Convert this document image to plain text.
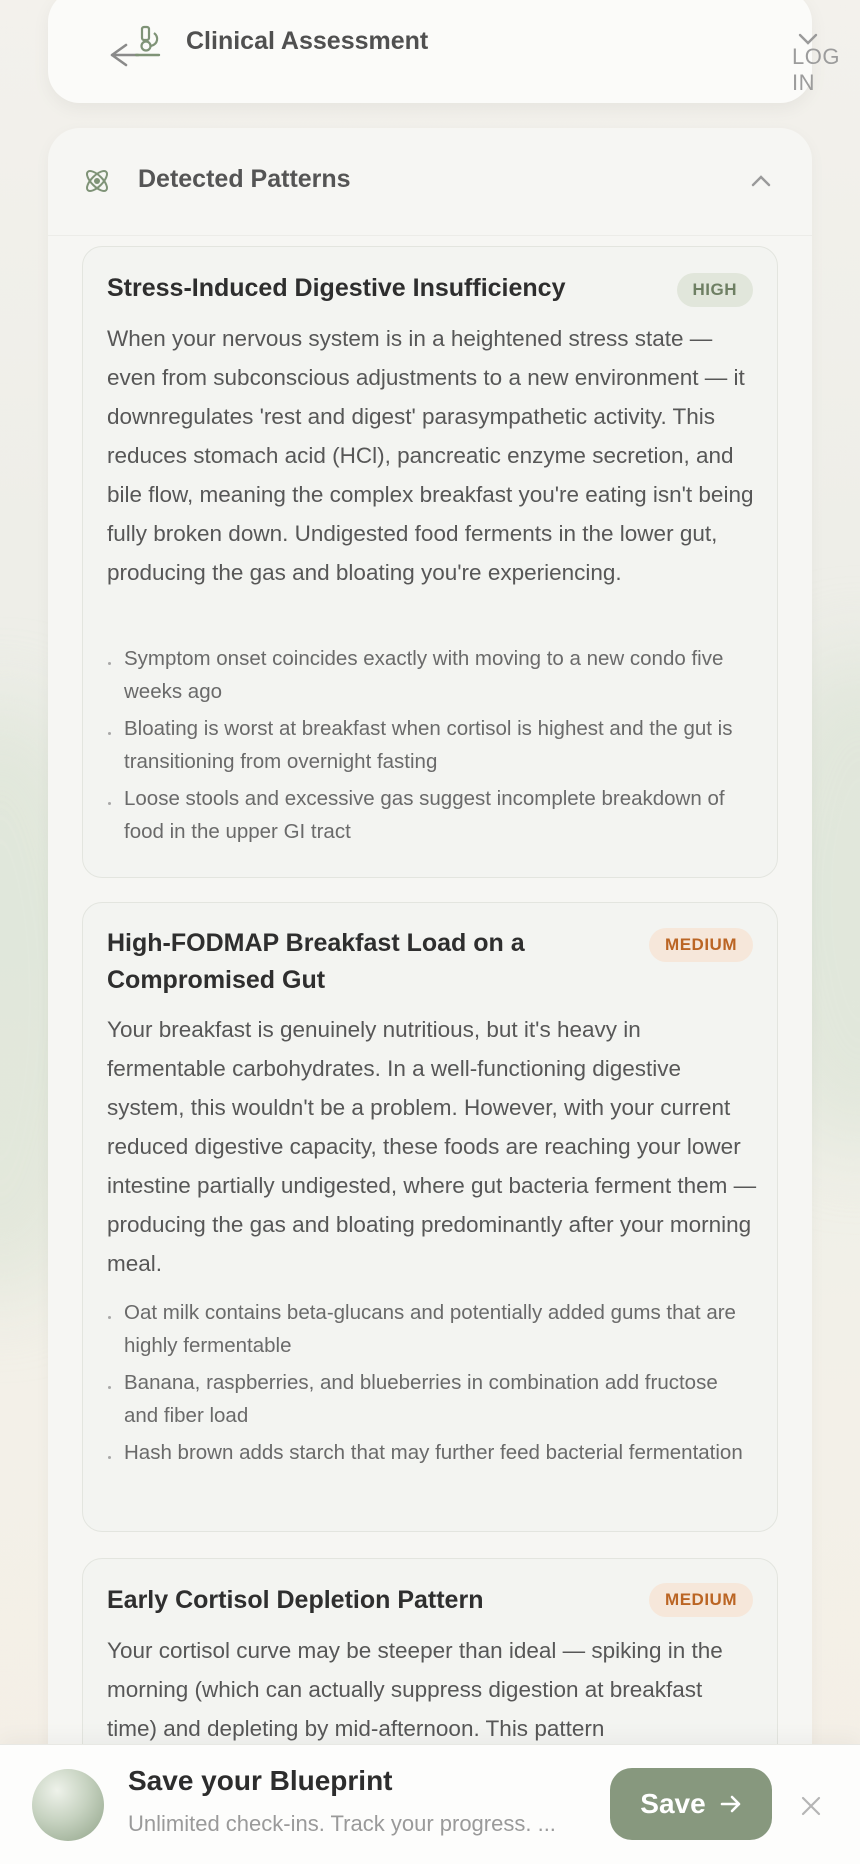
Clinical Assessment
LOG IN
Detected Patterns
Stress-Induced Digestive Insufficiency	HIGH
When your nervous system is in a heightened stress state — even from subconscious adjustments to a new environment — it downregulates 'rest and digest' parasympathetic activity. This reduces stomach acid (HCl), pancreatic enzyme secretion, and bile flow, meaning the complex breakfast you're eating isn't being fully broken down. Undigested food ferments in the lower gut, producing the gas and bloating you're experiencing.
Symptom onset coincides exactly with moving to a new condo five weeks ago
Bloating is worst at breakfast when cortisol is highest and the gut is transitioning from overnight fasting
Loose stools and excessive gas suggest incomplete breakdown of food in the upper GI tract
High-FODMAP Breakfast Load on a Compromised Gut
MEDIUM
Your breakfast is genuinely nutritious, but it's heavy in fermentable carbohydrates. In a well-functioning digestive system, this wouldn't be a problem. However, with your current reduced digestive capacity, these foods are reaching your lower intestine partially undigested, where gut bacteria ferment them — producing the gas and bloating predominantly after your morning meal.
Oat milk contains beta-glucans and potentially added gums that are highly fermentable
Banana, raspberries, and blueberries in combination add fructose and fiber load
Hash brown adds starch that may further feed bacterial fermentation
Early Cortisol Depletion Pattern	MEDIUM
Your cortisol curve may be steeper than ideal — spiking in the morning (which can actually suppress digestion at breakfast time) and depleting by mid-afternoon. This pattern
Save your Blueprint
Unlimited check-ins. Track your progress. ...
Save
